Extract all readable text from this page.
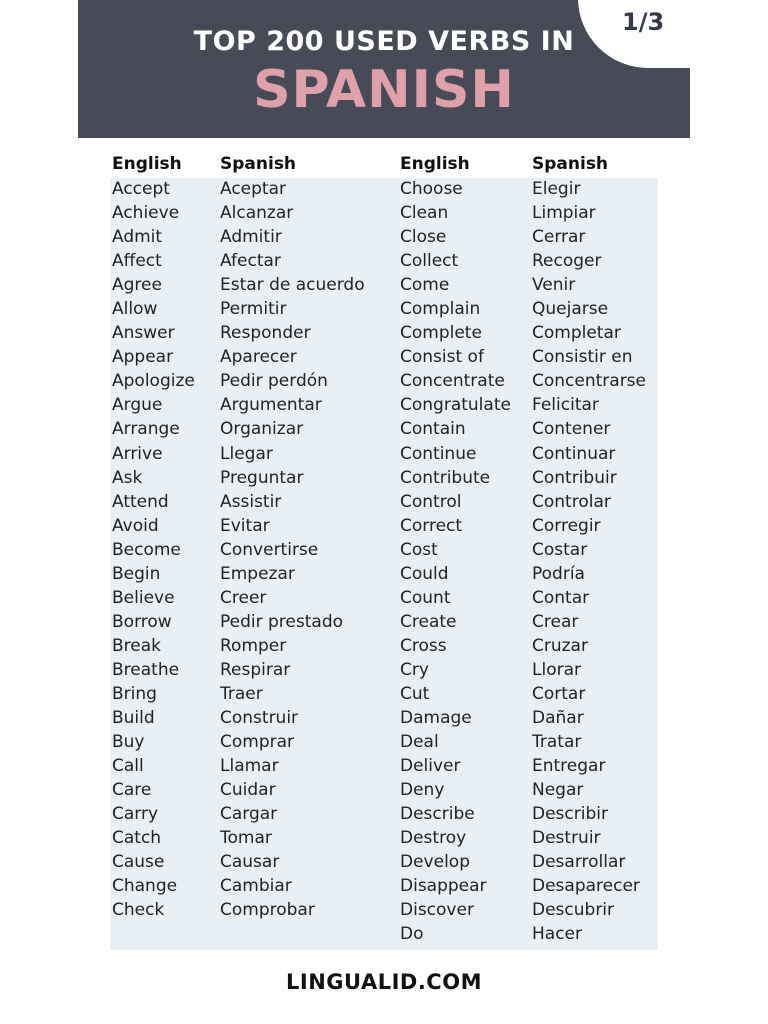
TOP 200 USED VERBS IN
SPANISH
1/3
English
Accept
Achieve
Admit
Affect
Agree
Allow
Answer
Appear
Apologize
Argue
Arrange
Arrive
Ask
Attend
Avoid
Become
Begin
Believe
Borrow
Break
Breathe
Bring
Build
Buy
Call
Care
Carry
Catch
Cause
Change
Check
Spanish
Aceptar
Alcanzar
Admitir
Afectar
Estar de acuerdo
Permitir
Responder
Aparecer
Pedir perdón
Argumentar
Organizar
Llegar
Preguntar
Assistir
Evitar
Convertirse
Empezar
Creer
Pedir prestado
Romper
Respirar
Traer
Construir
Comprar
Llamar
Cuidar
Cargar
Tomar
Causar
Cambiar
Comprobar
English
Choose
Clean
Close
Collect
Come
Complain
Complete
Consist of
Concentrate
Congratulate
Contain
Continue
Contribute
Control
Correct
Cost
Could
Count
Create
Cross
Cry
Cut
Damage
Deal
Deliver
Deny
Describe
Destroy
Develop
Disappear
Discover
Do
Spanish
Elegir
Limpiar
Cerrar
Recoger
Venir
Quejarse
Completar
Consistir en
Concentrarse
Felicitar
Contener
Continuar
Contribuir
Controlar
Corregir
Costar
Podría
Contar
Crear
Cruzar
Llorar
Cortar
Dañar
Tratar
Entregar
Negar
Describir
Destruir
Desarrollar
Desaparecer
Descubrir
Hacer
LINGUALID.COM
